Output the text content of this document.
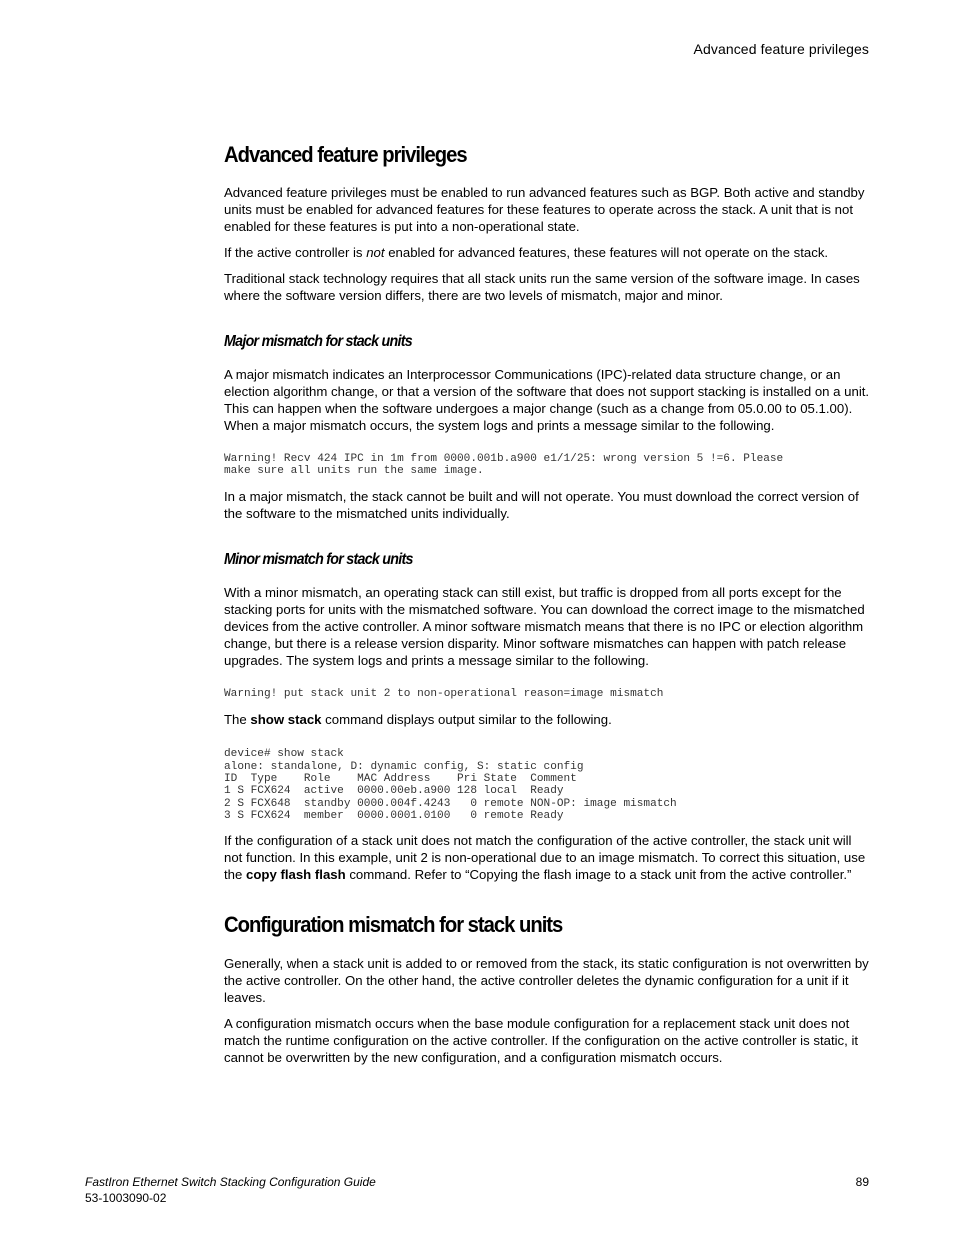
Advanced feature privileges
Advanced feature privileges

Advanced feature privileges must be enabled to run advanced features such as BGP. Both active and standby units must be enabled for advanced features for these features to operate across the stack. A unit that is not enabled for these features is put into a non-operational state.

If the active controller is not enabled for advanced features, these features will not operate on the stack.

Traditional stack technology requires that all stack units run the same version of the software image. In cases where the software version differs, there are two levels of mismatch, major and minor.

Major mismatch for stack units

A major mismatch indicates an Interprocessor Communications (IPC)-related data structure change, or an election algorithm change, or that a version of the software that does not support stacking is installed on a unit. This can happen when the software undergoes a major change (such as a change from 05.0.00 to 05.1.00). When a major mismatch occurs, the system logs and prints a message similar to the following.

Warning! Recv 424 IPC in 1m from 0000.001b.a900 e1/1/25: wrong version 5 !=6. Please
make sure all units run the same image.

In a major mismatch, the stack cannot be built and will not operate. You must download the correct version of the software to the mismatched units individually.

Minor mismatch for stack units

With a minor mismatch, an operating stack can still exist, but traffic is dropped from all ports except for the stacking ports for units with the mismatched software. You can download the correct image to the mismatched devices from the active controller. A minor software mismatch means that there is no IPC or election algorithm change, but there is a release version disparity. Minor software mismatches can happen with patch release upgrades. The system logs and prints a message similar to the following.

Warning! put stack unit 2 to non-operational reason=image mismatch

The show stack command displays output similar to the following.

device# show stack
alone: standalone, D: dynamic config, S: static config
ID  Type    Role    MAC Address    Pri State  Comment
1 S FCX624  active  0000.00eb.a900 128 local  Ready
2 S FCX648  standby 0000.004f.4243   0 remote NON-OP: image mismatch
3 S FCX624  member  0000.0001.0100   0 remote Ready

If the configuration of a stack unit does not match the configuration of the active controller, the stack unit will not function. In this example, unit 2 is non-operational due to an image mismatch. To correct this situation, use the copy flash flash command. Refer to “Copying the flash image to a stack unit from the active controller.”

Configuration mismatch for stack units

Generally, when a stack unit is added to or removed from the stack, its static configuration is not overwritten by the active controller. On the other hand, the active controller deletes the dynamic configuration for a unit if it leaves.

A configuration mismatch occurs when the base module configuration for a replacement stack unit does not match the runtime configuration on the active controller. If the configuration on the active controller is static, it cannot be overwritten by the new configuration, and a configuration mismatch occurs.

FastIron Ethernet Switch Stacking Configuration Guide
53-1003090-02
89
